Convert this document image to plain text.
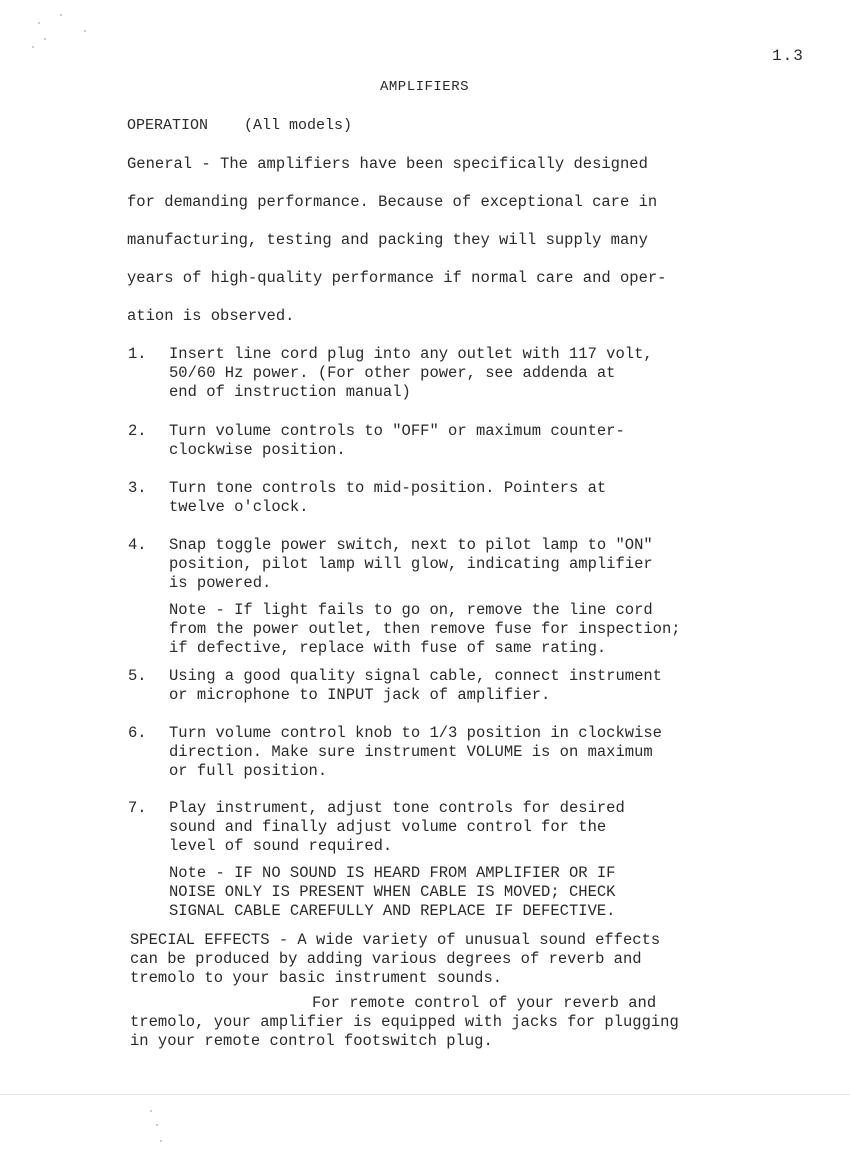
1.3
AMPLIFIERS
OPERATION (All models)
General - The amplifiers have been specifically designed
for demanding performance. Because of exceptional care in
manufacturing, testing and packing they will supply many
years of high-quality performance if normal care and oper-
ation is observed.
1. Insert line cord plug into any outlet with 117 volt,
50/60 Hz power. (For other power, see addenda at
end of instruction manual)
2. Turn volume controls to "OFF" or maximum counter-
clockwise position.
3. Turn tone controls to mid-position. Pointers at
twelve o'clock.
4. Snap toggle power switch, next to pilot lamp to "ON"
position, pilot lamp will glow, indicating amplifier
is powered.
Note - If light fails to go on, remove the line cord
from the power outlet, then remove fuse for inspection;
if defective, replace with fuse of same rating.
5. Using a good quality signal cable, connect instrument
or microphone to INPUT jack of amplifier.
6. Turn volume control knob to 1/3 position in clockwise
direction. Make sure instrument VOLUME is on maximum
or full position.
7. Play instrument, adjust tone controls for desired
sound and finally adjust volume control for the
level of sound required.
Note - IF NO SOUND IS HEARD FROM AMPLIFIER OR IF
NOISE ONLY IS PRESENT WHEN CABLE IS MOVED; CHECK
SIGNAL CABLE CAREFULLY AND REPLACE IF DEFECTIVE.
SPECIAL EFFECTS - A wide variety of unusual sound effects
can be produced by adding various degrees of reverb and
tremolo to your basic instrument sounds.
For remote control of your reverb and
tremolo, your amplifier is equipped with jacks for plugging
in your remote control footswitch plug.
